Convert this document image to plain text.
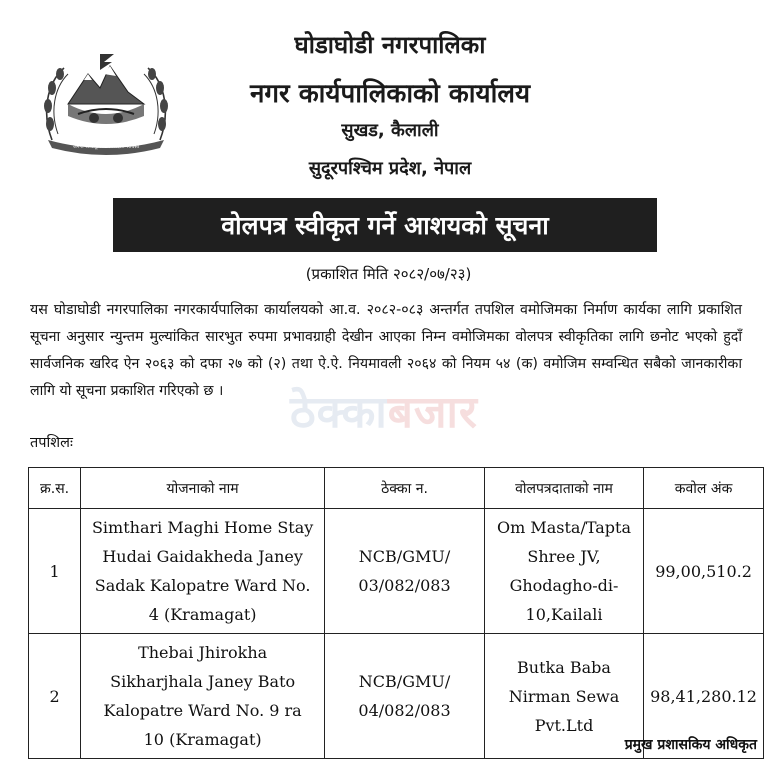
जननी जन्मभूमिश्च स्वर्गादपि गरीयसी
घोडाघोडी नगरपालिका
नगर कार्यपालिकाको कार्यालय
सुखड, कैलाली
सुदूरपश्चिम प्रदेश, नेपाल
वोलपत्र स्वीकृत गर्ने आशयको सूचना
(प्रकाशित मिति २०८२/०७/२३)
ठेक्काबजार

यस घोडाघोडी नगरपालिका नगरकार्यपालिका कार्यालयको आ.व. २०८२-०८३ अन्तर्गत तपशिल वमोजिमका निर्माण कार्यका लागि प्रकाशित सूचना अनुसार न्युन्तम मुल्यांकित सारभुत रुपमा प्रभावग्राही देखीन आएका निम्न वमोजिमका वोलपत्र स्वीकृतिका लागि छनोट भएको हुदाँ सार्वजनिक खरिद ऐन २०६३ को दफा २७ को (२) तथा ऐ.ऐ. नियमावली २०६४ को नियम ५४ (क) वमोजिम सम्वन्धित सबैको जानकारीका लागि यो सूचना प्रकाशित गरिएको छ ।

तपशिलः
क्र.स.	योजनाको नाम	ठेक्का न.	वोलपत्रदाताको नाम	कवोल अंक
1	Simthari Maghi Home Stay Hudai Gaidakheda Janey Sadak Kalopatre Ward No. 4 (Kramagat)	NCB/GMU/ 03/082/083	Om Masta/Tapta Shree JV, Ghodagho-di-10,Kailali	99,00,510.2
2	Thebai Jhirokha Sikharjhala Janey Bato Kalopatre Ward No. 9 ra 10 (Kramagat)	NCB/GMU/ 04/082/083	Butka Baba Nirman Sewa Pvt.Ltd	98,41,280.12
प्रमुख प्रशासकिय अधिकृत
